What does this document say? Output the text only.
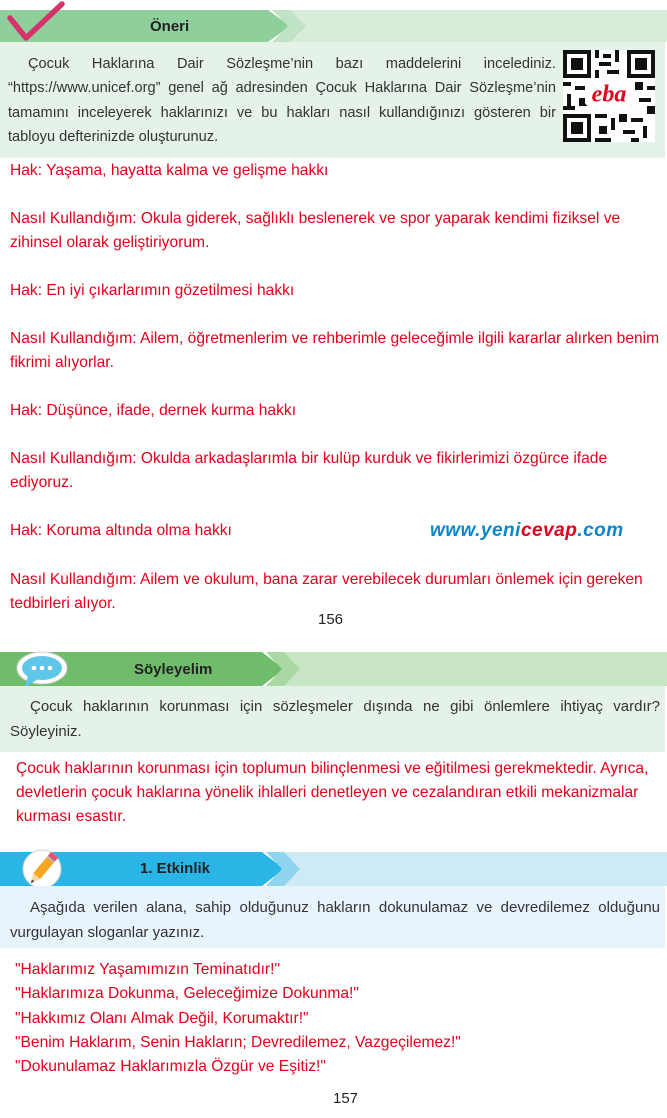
Öneri
Çocuk Haklarına Dair Sözleşme’nin bazı maddelerini incelediniz. “https://www.unicef.org” genel ağ adresinden Çocuk Haklarına Dair Sözleşme’nin tamamını inceleyerek haklarınızı ve bu hakları nasıl kullandığınızı gösteren bir tabloyu defterinizde oluşturunuz.
eba
Hak: Yaşama, hayatta kalma ve gelişme hakkı
Nasıl Kullandığım: Okula giderek, sağlıklı beslenerek ve spor yaparak kendimi fiziksel ve zihinsel olarak geliştiriyorum.
Hak: En iyi çıkarlarımın gözetilmesi hakkı
Nasıl Kullandığım: Ailem, öğretmenlerim ve rehberimle geleceğimle ilgili kararlar alırken benim fikrimi alıyorlar.
Hak: Düşünce, ifade, dernek kurma hakkı
Nasıl Kullandığım: Okulda arkadaşlarımla bir kulüp kurduk ve fikirlerimizi özgürce ifade ediyoruz.
Hak: Koruma altında olma hakkı
Nasıl Kullandığım: Ailem ve okulum, bana zarar verebilecek durumları önlemek için gereken tedbirleri alıyor.
www.yenicevap.com
156
Söyleyelim
Çocuk haklarının korunması için sözleşmeler dışında ne gibi önlemlere ihtiyaç vardır? Söyleyiniz.
Çocuk haklarının korunması için toplumun bilinçlenmesi ve eğitilmesi gerekmektedir. Ayrıca, devletlerin çocuk haklarına yönelik ihlalleri denetleyen ve cezalandıran etkili mekanizmalar kurması esastır.
1. Etkinlik
Aşağıda verilen alana, sahip olduğunuz hakların dokunulamaz ve devredilemez olduğunu vurgulayan sloganlar yazınız.
"Haklarımız Yaşamımızın Teminatıdır!"
"Haklarımıza Dokunma, Geleceğimize Dokunma!"
"Hakkımız Olanı Almak Değil, Korumaktır!"
"Benim Haklarım, Senin Hakların; Devredilemez, Vazgeçilemez!"
"Dokunulamaz Haklarımızla Özgür ve Eşitiz!"
157
